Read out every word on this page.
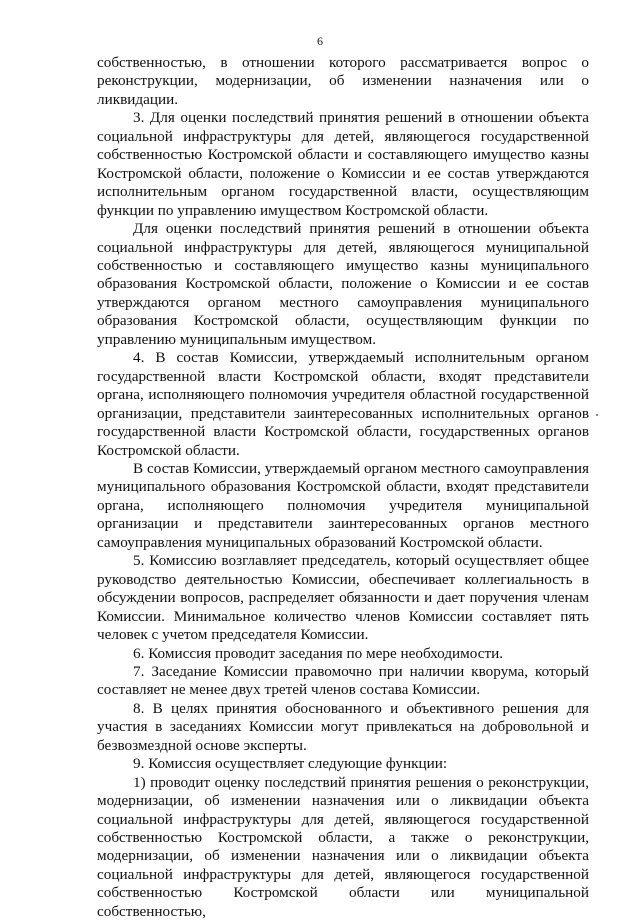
6

собственностью, в отношении которого рассматривается вопрос о реконструкции, модернизации, об изменении назначения или о ликвидации.

3. Для оценки последствий принятия решений в отношении объекта социальной инфраструктуры для детей, являющегося государственной собственностью Костромской области и составляющего имущество казны Костромской области, положение о Комиссии и ее состав утверждаются исполнительным органом государственной власти, осуществляющим функции по управлению имуществом Костромской области.

Для оценки последствий принятия решений в отношении объекта социальной инфраструктуры для детей, являющегося муниципальной собственностью и составляющего имущество казны муниципального образования Костромской области, положение о Комиссии и ее состав утверждаются органом местного самоуправления муниципального образования Костромской области, осуществляющим функции по управлению муниципальным имуществом.

4. В состав Комиссии, утверждаемый исполнительным органом государственной власти Костромской области, входят представители органа, исполняющего полномочия учредителя областной государственной организации, представители заинтересованных исполнительных органов государственной власти Костромской области, государственных органов Костромской области.

В состав Комиссии, утверждаемый органом местного самоуправления муниципального образования Костромской области, входят представители органа, исполняющего полномочия учредителя муниципальной организации и представители заинтересованных органов местного самоуправления муниципальных образований Костромской области.

5. Комиссию возглавляет председатель, который осуществляет общее руководство деятельностью Комиссии, обеспечивает коллегиальность в обсуждении вопросов, распределяет обязанности и дает поручения членам Комиссии. Минимальное количество членов Комиссии составляет пять человек с учетом председателя Комиссии.

6. Комиссия проводит заседания по мере необходимости.

7. Заседание Комиссии правомочно при наличии кворума, который составляет не менее двух третей членов состава Комиссии.

8. В целях принятия обоснованного и объективного решения для участия в заседаниях Комиссии могут привлекаться на добровольной и безвозмездной основе эксперты.

9. Комиссия осуществляет следующие функции:

1) проводит оценку последствий принятия решения о реконструкции, модернизации, об изменении назначения или о ликвидации объекта социальной инфраструктуры для детей, являющегося государственной собственностью Костромской области, а также о реконструкции, модернизации, об изменении назначения или о ликвидации объекта социальной инфраструктуры для детей, являющегося государственной собственностью Костромской области или муниципальной собственностью,
